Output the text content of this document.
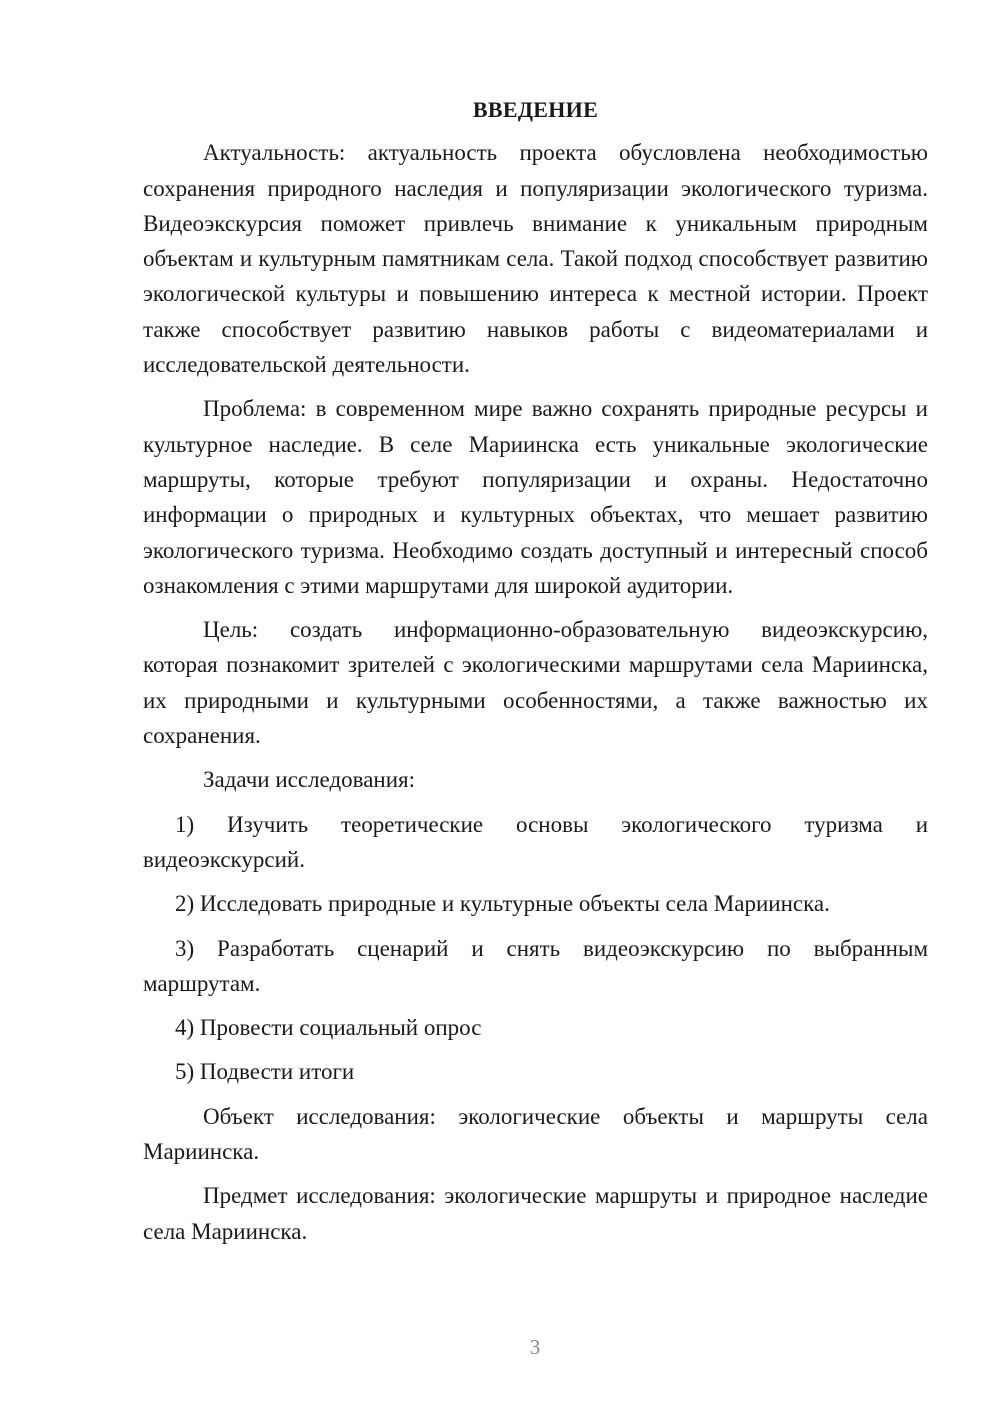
ВВЕДЕНИЕ

Актуальность: актуальность проекта обусловлена необходимостью сохранения природного наследия и популяризации экологического туризма. Видеоэкскурсия поможет привлечь внимание к уникальным природным объектам и культурным памятникам села. Такой подход способствует развитию экологической культуры и повышению интереса к местной истории. Проект также способствует развитию навыков работы с видеоматериалами и исследовательской деятельности.

Проблема: в современном мире важно сохранять природные ресурсы и культурное наследие. В селе Мариинска есть уникальные экологические маршруты, которые требуют популяризации и охраны. Недостаточно информации о природных и культурных объектах, что мешает развитию экологического туризма. Необходимо создать доступный и интересный способ ознакомления с этими маршрутами для широкой аудитории.

Цель: создать информационно-образовательную видеоэкскурсию, которая познакомит зрителей с экологическими маршрутами села Мариинска, их природными и культурными особенностями, а также важностью их сохранения.

Задачи исследования:

1) Изучить теоретические основы экологического туризма и видеоэкскурсий.

2) Исследовать природные и культурные объекты села Мариинска.

3) Разработать сценарий и снять видеоэкскурсию по выбранным маршрутам.

4) Провести социальный опрос

5) Подвести итоги

Объект исследования: экологические объекты и маршруты села Мариинска.

Предмет исследования: экологические маршруты и природное наследие села Мариинска.

3
